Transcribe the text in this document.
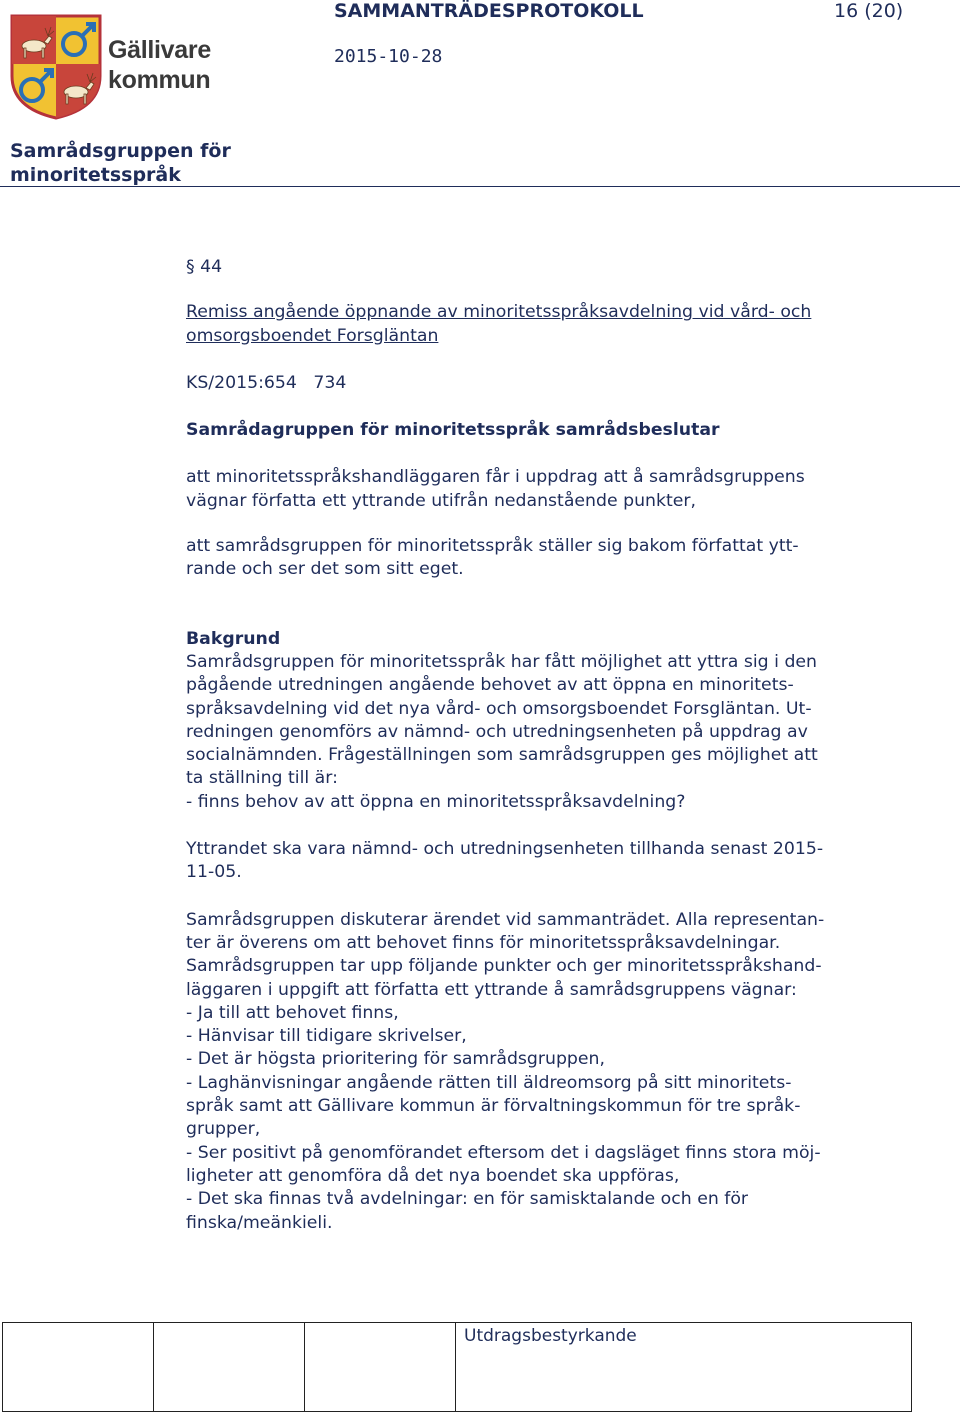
Gällivare
kommun
SAMMANTRÄDESPROTOKOLL	16 (20)
2015-10-28
Samrådsgruppen för minoritetsspråk

§ 44

Remiss angående öppnande av minoritetsspråksavdelning vid vård- och

omsorgsboendet Forsgläntan

KS/2015:654   734

Samrådagruppen för minoritetsspråk samrådsbeslutar

att minoritetsspråkshandläggaren får i uppdrag att å samrådsgruppens

vägnar författa ett yttrande utifrån nedanstående punkter,

att samrådsgruppen för minoritetsspråk ställer sig bakom författat ytt-

rande och ser det som sitt eget.

Bakgrund

Samrådsgruppen för minoritetsspråk har fått möjlighet att yttra sig i den

pågående utredningen angående behovet av att öppna en minoritets-

språksavdelning vid det nya vård- och omsorgsboendet Forsgläntan. Ut-

redningen genomförs av nämnd- och utredningsenheten på uppdrag av

socialnämnden. Frågeställningen som samrådsgruppen ges möjlighet att

ta ställning till är:

- finns behov av att öppna en minoritetsspråksavdelning?

Yttrandet ska vara nämnd- och utredningsenheten tillhanda senast 2015-

11-05.

Samrådsgruppen diskuterar ärendet vid sammanträdet. Alla representan-

ter är överens om att behovet finns för minoritetsspråksavdelningar.

Samrådsgruppen tar upp följande punkter och ger minoritetsspråkshand-

läggaren i uppgift att författa ett yttrande å samrådsgruppens vägnar:

- Ja till att behovet finns,

- Hänvisar till tidigare skrivelser,

- Det är högsta prioritering för samrådsgruppen,

- Laghänvisningar angående rätten till äldreomsorg på sitt minoritets-

språk samt att Gällivare kommun är förvaltningskommun för tre språk-

grupper,

- Ser positivt på genomförandet eftersom det i dagsläget finns stora möj-

ligheter att genomföra då det nya boendet ska uppföras,

- Det ska finnas två avdelningar: en för samisktalande och en för

finska/meänkieli.

			Utdragsbestyrkande
